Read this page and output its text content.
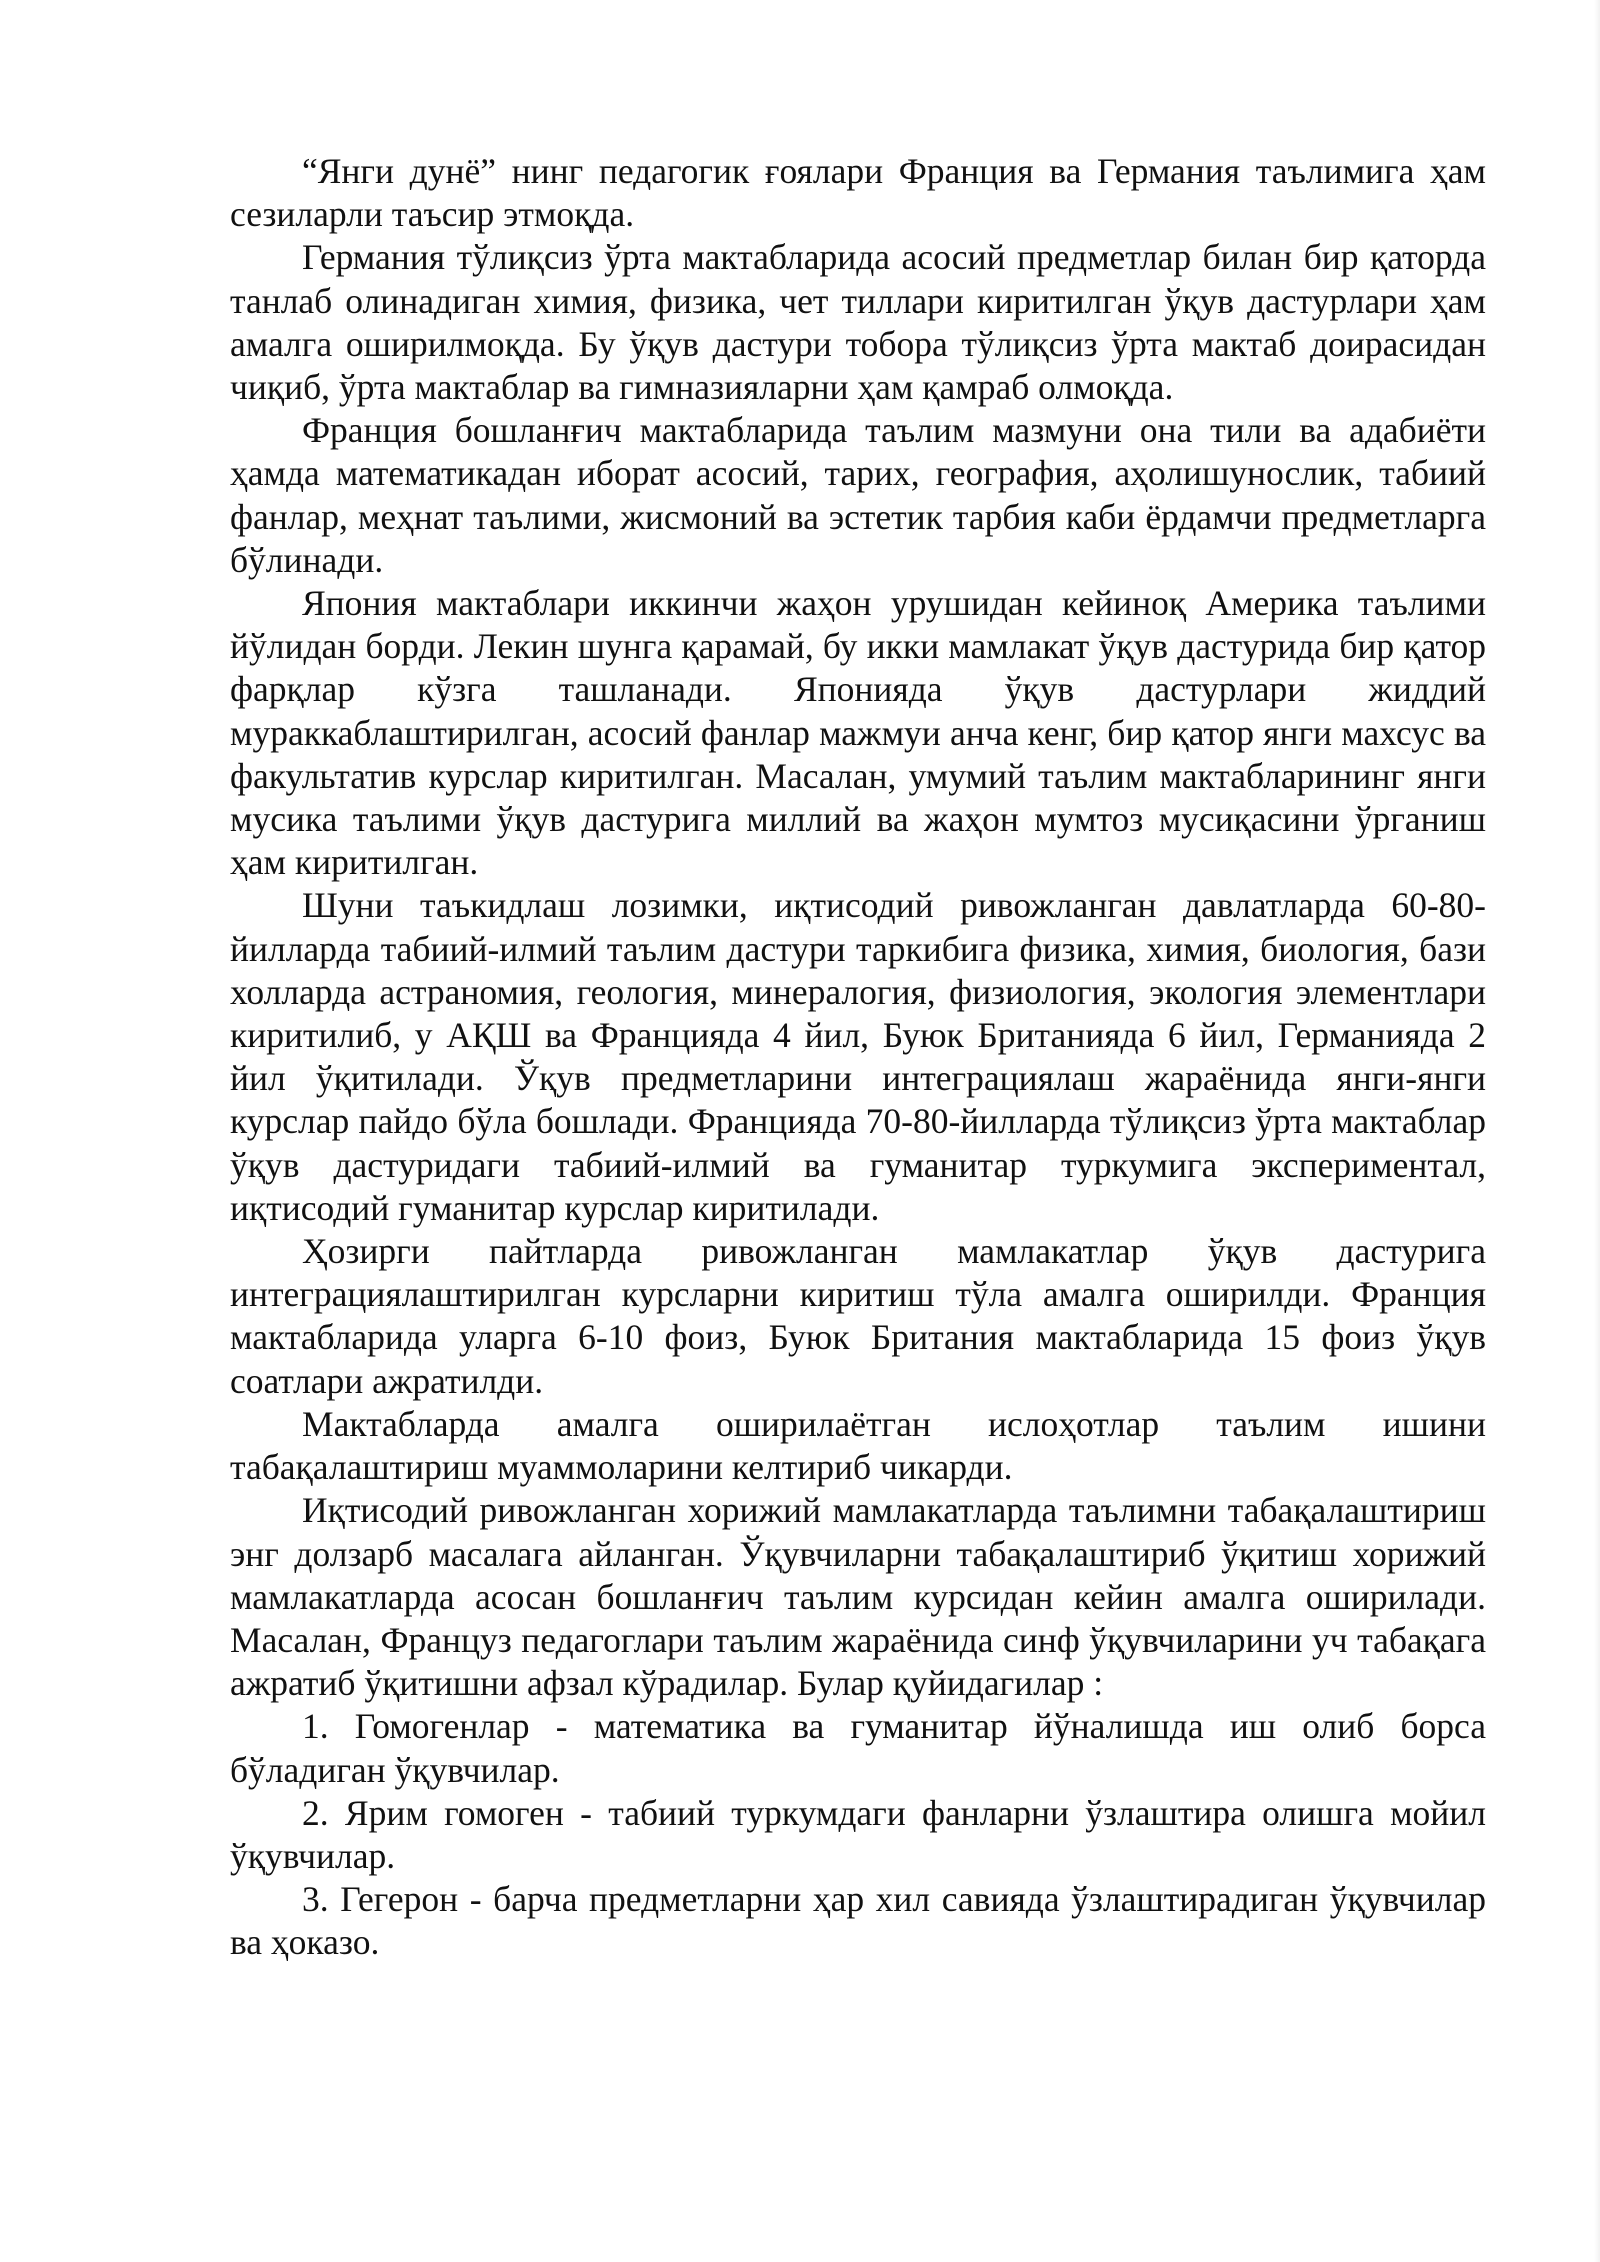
“Янги дунё” нинг педагогик ғоялари Франция ва Германия таълимига ҳам сезиларли таъсир этмоқда.

Германия тўлиқсиз ўрта мактабларида асосий предметлар билан бир қаторда танлаб олинадиган химия, физика, чет тиллари киритилган ўқув дастурлари ҳам амалга оширилмоқда. Бу ўқув дастури тобора тўлиқсиз ўрта мактаб доирасидан чиқиб, ўрта мактаблар ва гимназияларни ҳам қамраб олмоқда.

Франция бошланғич мактабларида таълим мазмуни она тили ва адабиёти ҳамда математикадан иборат асосий, тарих, география, аҳолишунослик, табиий фанлар, меҳнат таълими, жисмоний ва эстетик тарбия каби ёрдамчи предметларга бўлинади.

Япония мактаблари иккинчи жаҳон урушидан кейиноқ Америка таълими йўлидан борди. Лекин шунга қарамай, бу икки мамлакат ўқув дастурида бир қатор фарқлар кўзга ташланади. Японияда ўқув дастурлари жиддий мураккаблаштирилган, асосий фанлар мажмуи анча кенг, бир қатор янги махсус ва факультатив курслар киритилган. Масалан, умумий таълим мактабларининг янги мусика таълими ўқув дастурига миллий ва жаҳон мумтоз мусиқасини ўрганиш ҳам киритилган.

Шуни таъкидлаш лозимки, иқтисодий ривожланган давлатларда 60-80-йилларда табиий-илмий таълим дастури таркибига физика, химия, биология, бази холларда астраномия, геология, минералогия, физиология, экология элементлари киритилиб, у АҚШ ва Францияда 4 йил, Буюк Британияда 6 йил, Германияда 2 йил ўқитилади. Ўқув предметларини интеграциялаш жараёнида янги-янги курслар пайдо бўла бошлади. Францияда 70-80-йилларда тўлиқсиз ўрта мактаблар ўқув дастуридаги табиий-илмий ва гуманитар туркумига экспериментал, иқтисодий гуманитар курслар киритилади.

Ҳозирги пайтларда ривожланган мамлакатлар ўқув дастурига интеграциялаштирилган курсларни киритиш тўла амалга оширилди. Франция мактабларида уларга 6-10 фоиз, Буюк Британия мактабларида 15 фоиз ўқув соатлари ажратилди.

Мактабларда амалга оширилаётган ислоҳотлар таълим ишини табақалаштириш муаммоларини келтириб чикарди.

Иқтисодий ривожланган хорижий мамлакатларда таълимни табақалаштириш энг долзарб масалага айланган. Ўқувчиларни табақалаштириб ўқитиш хорижий мамлакатларда асосан бошланғич таълим курсидан кейин амалга оширилади. Масалан, Француз педагоглари таълим жараёнида синф ўқувчиларини уч табақага ажратиб ўқитишни афзал кўрадилар. Булар қуйидагилар :

1. Гомогенлар - математика ва гуманитар йўналишда иш олиб борса бўладиган ўқувчилар.

2. Ярим гомоген - табиий туркумдаги фанларни ўзлаштира олишга мойил ўқувчилар.

3. Гегерон - барча предметларни ҳар хил савияда ўзлаштирадиган ўқувчилар ва ҳоказо.
